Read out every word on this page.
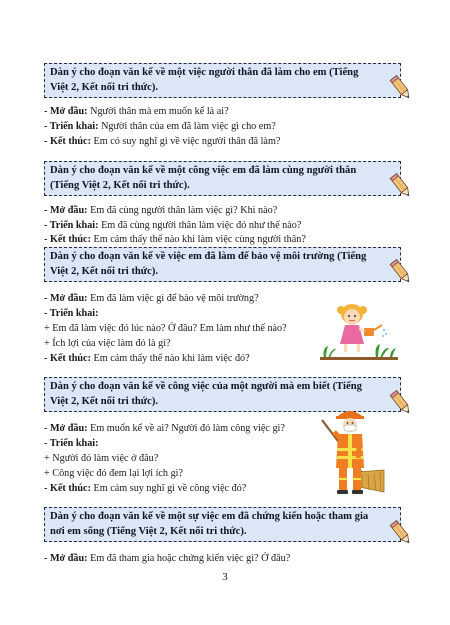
Dàn ý cho đoạn văn kể về một việc người thân đã làm cho em (Tiếng Việt 2, Kết nối tri thức).
- Mở đầu: Người thân mà em muốn kể là ai?
- Triển khai: Người thân của em đã làm việc gì cho em?
- Kết thúc: Em có suy nghĩ gì về việc người thân đã làm?
Dàn ý cho đoạn văn kể về một công việc em đã làm cùng người thân (Tiếng Việt 2, Kết nối tri thức).
- Mở đầu: Em đã cùng người thân làm việc gì? Khi nào?
- Triển khai: Em đã cùng người thân làm việc đó như thế nào?
- Kết thúc: Em cảm thấy thế nào khi làm việc cùng người thân?
Dàn ý cho đoạn văn kể về việc em đã làm để bảo vệ môi trường (Tiếng Việt 2, Kết nối tri thức).
- Mở đầu: Em đã làm việc gì để bảo vệ môi trường?
- Triển khai:
+ Em đã làm việc đó lúc nào? Ở đâu? Em làm như thế nào?
+ Ích lợi của việc làm đó là gì?
- Kết thúc: Em cảm thấy thế nào khi làm việc đó?
Dàn ý cho đoạn văn kể về công việc của một người mà em biết (Tiếng Việt 2, Kết nối tri thức).
- Mở đầu: Em muốn kể về ai? Người đó làm công việc gì?
- Triển khai:
+ Người đó làm việc ở đâu?
+ Công việc đó đem lại lợi ích gì?
- Kết thúc: Em cảm suy nghĩ gì về công việc đó?
Dàn ý cho đoạn văn kể về một sự việc em đã chứng kiến hoặc tham gia nơi em sống (Tiếng Việt 2, Kết nối tri thức).
- Mở đầu: Em đã tham gia hoặc chứng kiến việc gì? Ở đâu?
3
